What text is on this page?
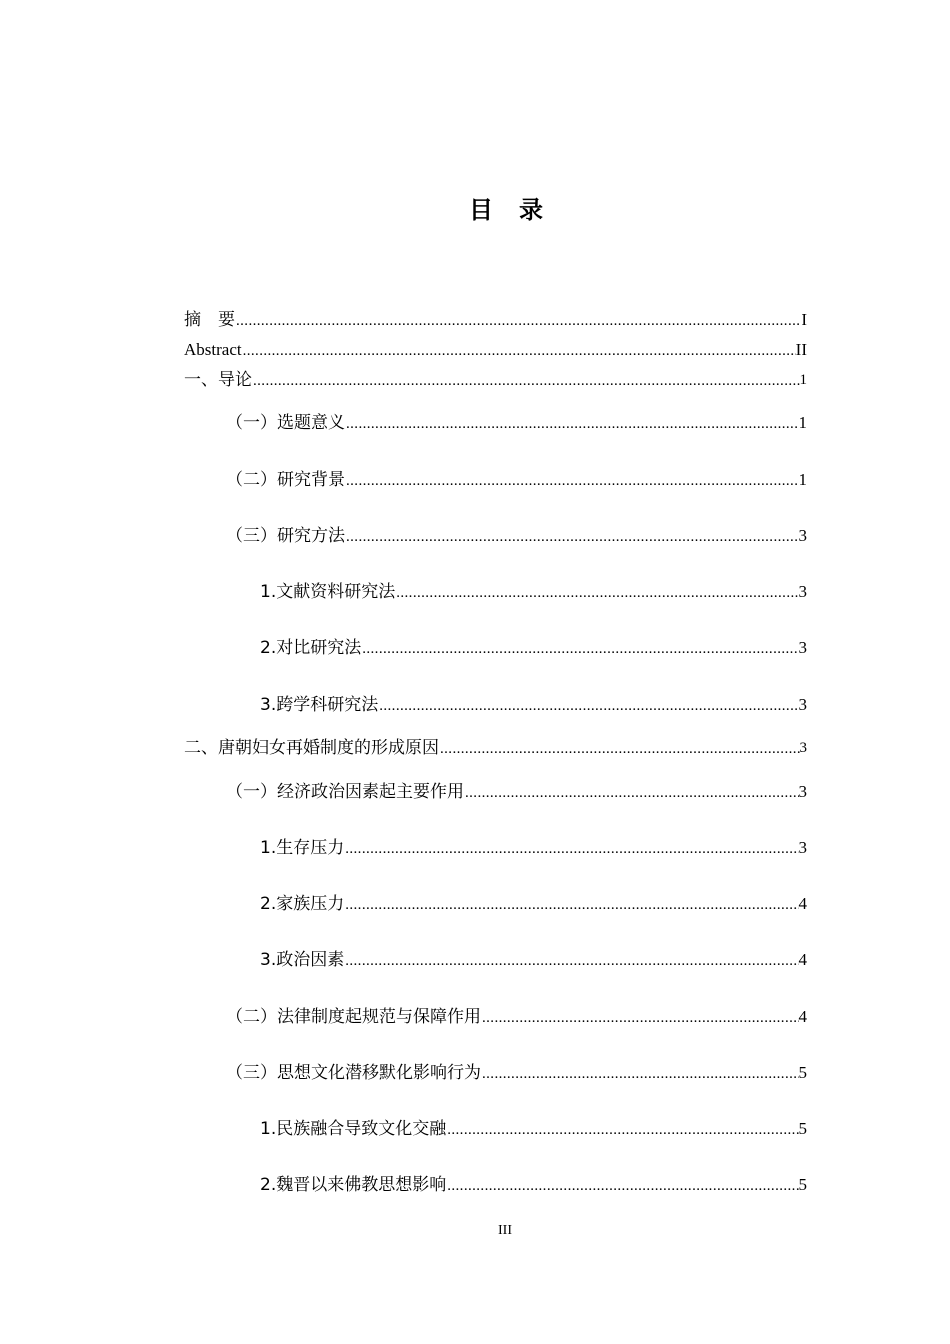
目 录
摘　要 .....	I
Abstract .....	II
一、导论 .....	1
（一）选题意义 .....	1
（二）研究背景 .....	1
（三）研究方法 .....	3
1.文献资料研究法 .....	3
2.对比研究法 .....	3
3.跨学科研究法 .....	3
二、唐朝妇女再婚制度的形成原因 .....	3
（一）经济政治因素起主要作用 .....	3
1.生存压力 .....	3
2.家族压力 .....	4
3.政治因素 .....	4
（二）法律制度起规范与保障作用 .....	4
（三）思想文化潜移默化影响行为 .....	5
1.民族融合导致文化交融 .....	5
2.魏晋以来佛教思想影响 .....	5
III
